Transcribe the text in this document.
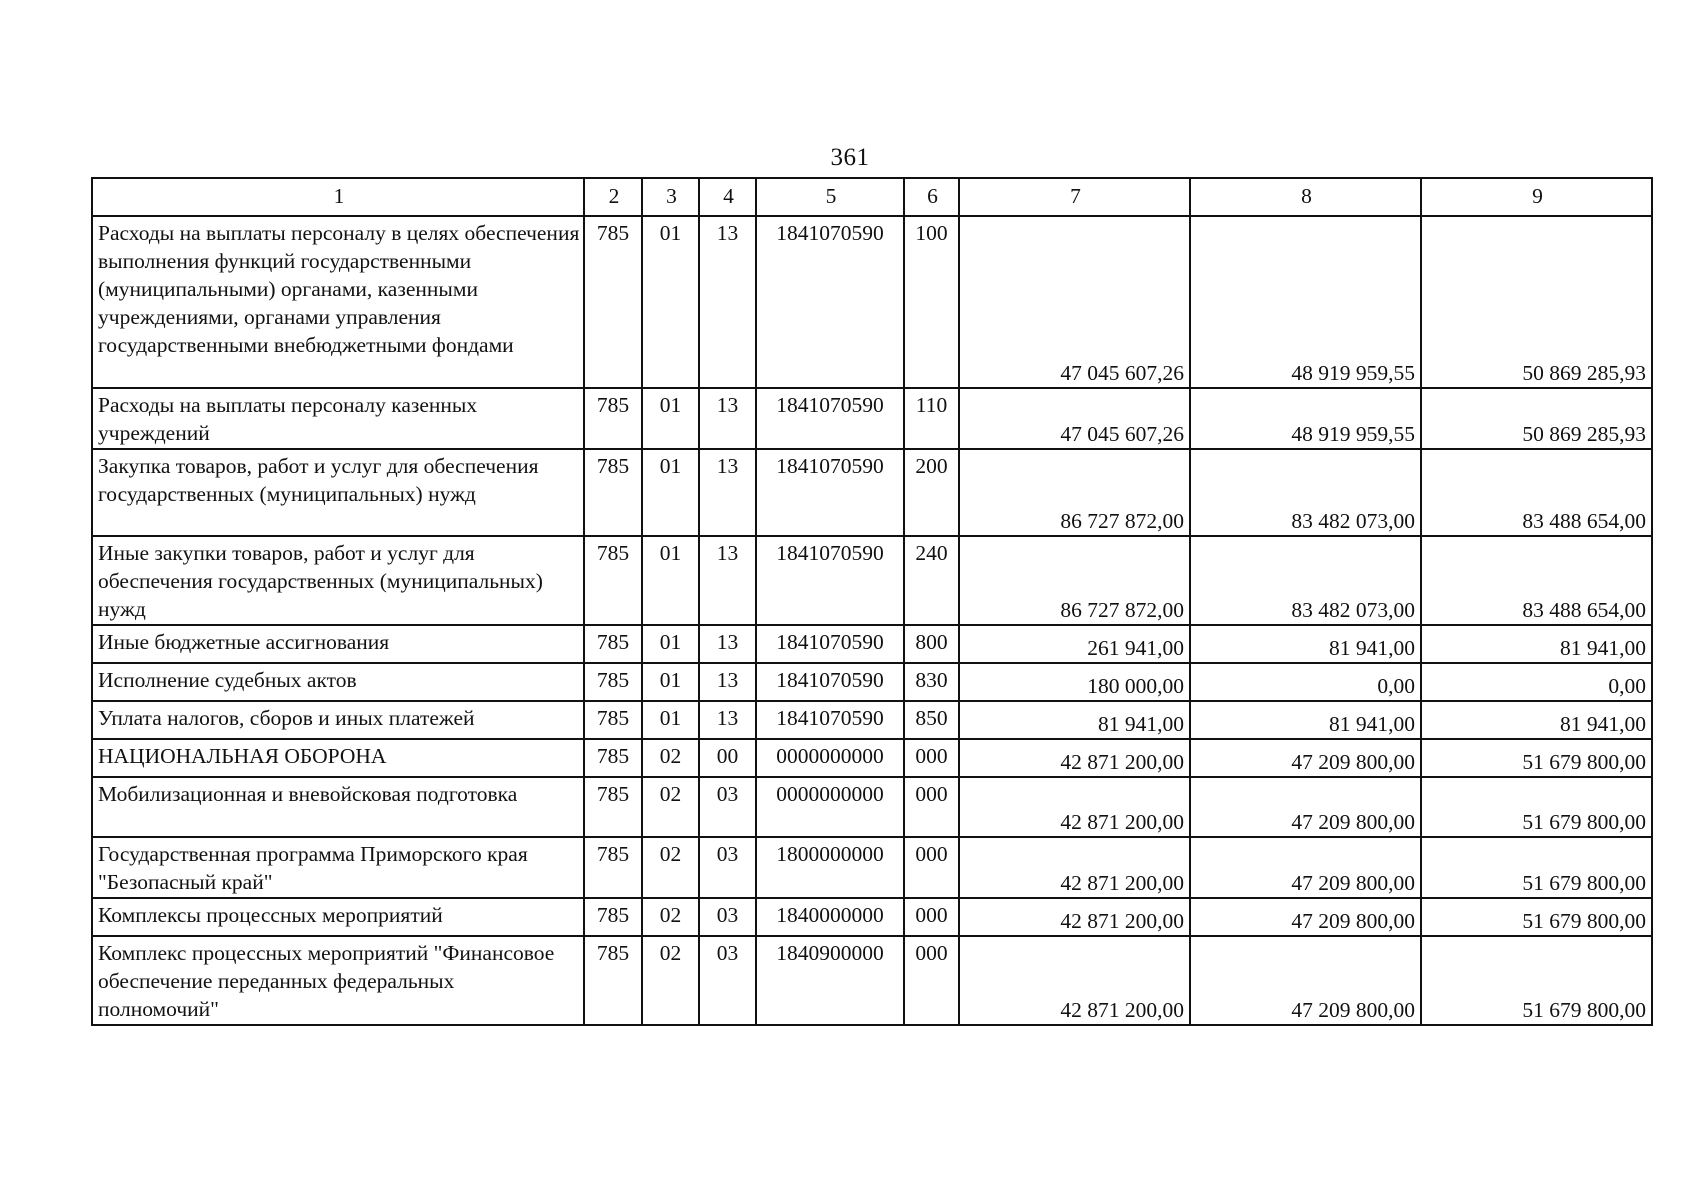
361
1	2	3	4	5	6	7	8	9
Расходы на выплаты персоналу в целях обеспечения выполнения функций государственными (муниципальными) органами, казенными учреждениями, органами управления государственными внебюджетными фондами	785	01	13	1841070590	100	47 045 607,26	48 919 959,55	50 869 285,93
Расходы на выплаты персоналу казенных учреждений	785	01	13	1841070590	110	47 045 607,26	48 919 959,55	50 869 285,93
Закупка товаров, работ и услуг для обеспечения государственных (муниципальных) нужд	785	01	13	1841070590	200	86 727 872,00	83 482 073,00	83 488 654,00
Иные закупки товаров, работ и услуг для обеспечения государственных (муниципальных) нужд	785	01	13	1841070590	240	86 727 872,00	83 482 073,00	83 488 654,00
Иные бюджетные ассигнования	785	01	13	1841070590	800	261 941,00	81 941,00	81 941,00
Исполнение судебных актов	785	01	13	1841070590	830	180 000,00	0,00	0,00
Уплата налогов, сборов и иных платежей	785	01	13	1841070590	850	81 941,00	81 941,00	81 941,00
НАЦИОНАЛЬНАЯ ОБОРОНА	785	02	00	0000000000	000	42 871 200,00	47 209 800,00	51 679 800,00
Мобилизационная и вневойсковая подготовка	785	02	03	0000000000	000	42 871 200,00	47 209 800,00	51 679 800,00
Государственная программа Приморского края "Безопасный край"	785	02	03	1800000000	000	42 871 200,00	47 209 800,00	51 679 800,00
Комплексы процессных мероприятий	785	02	03	1840000000	000	42 871 200,00	47 209 800,00	51 679 800,00
Комплекс процессных мероприятий "Финансовое обеспечение переданных федеральных полномочий"	785	02	03	1840900000	000	42 871 200,00	47 209 800,00	51 679 800,00
